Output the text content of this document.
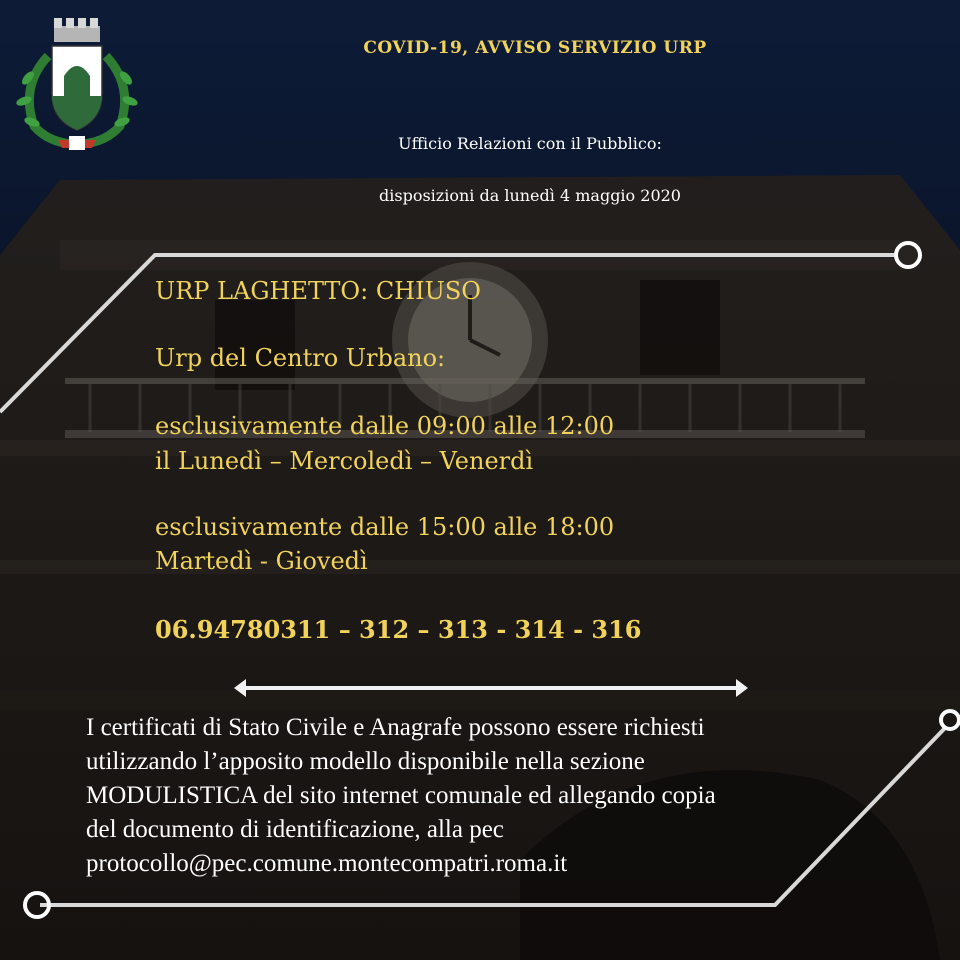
COVID-19, AVVISO SERVIZIO URP

Ufficio Relazioni con il Pubblico:

disposizioni da lunedì 4 maggio 2020

URP LAGHETTO: CHIUSO

Urp del Centro Urbano:

esclusivamente dalle 09:00 alle 12:00

il Lunedì – Mercoledì – Venerdì

esclusivamente dalle 15:00 alle 18:00

Martedì - Giovedì

06.94780311 – 312 – 313 - 314 - 316

I certificati di Stato Civile e Anagrafe possono essere richiesti

utilizzando l’apposito modello disponibile nella sezione

MODULISTICA del sito internet comunale ed allegando copia

del documento di identificazione, alla pec

protocollo@pec.comune.montecompatri.roma.it
